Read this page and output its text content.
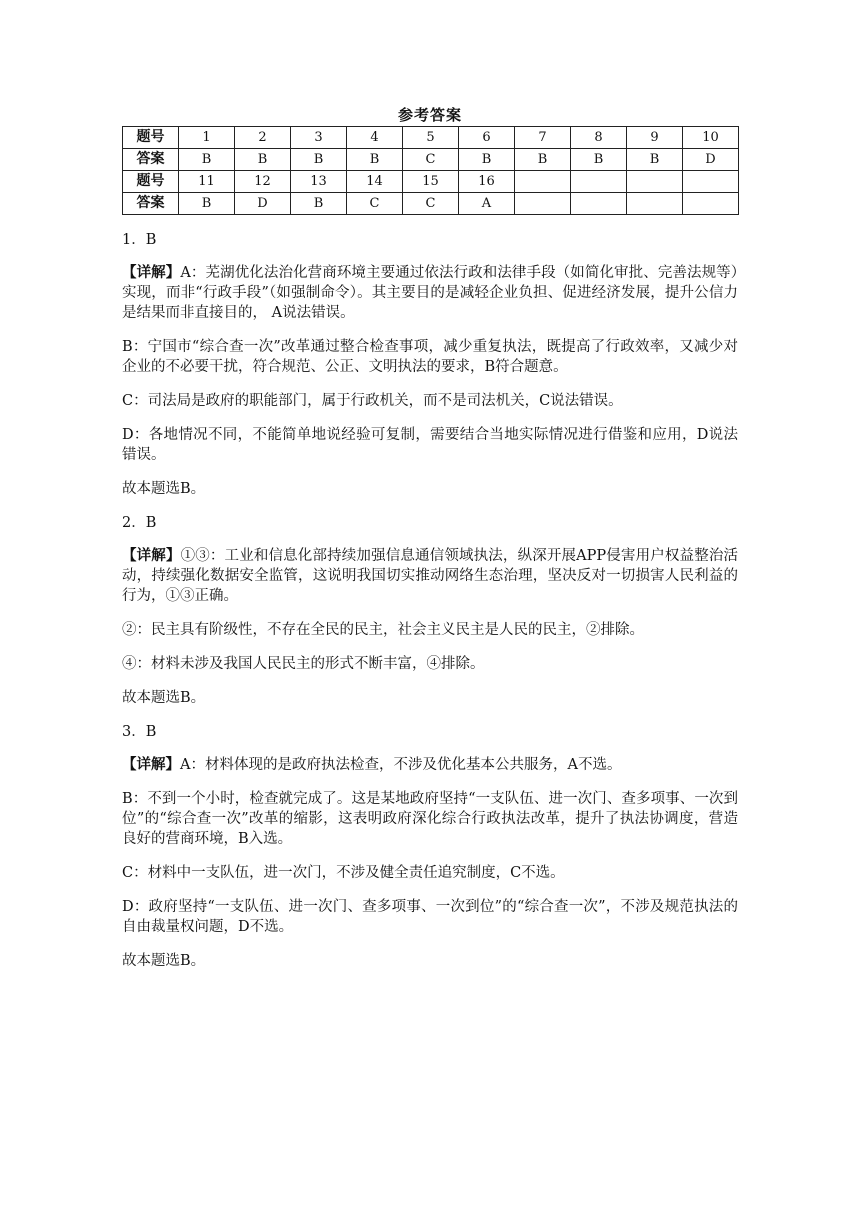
参考答案
题号	1	2	3	4	5	6	7	8	9	10
答案	B	B	B	B	C	B	B	B	B	D
题号	11	12	13	14	15	16				
答案	B	D	B	C	C	A				

1．B

【详解】A：芜湖优化法治化营商环境主要通过依法行政和法律手段（如简化审批、完善法规等）实现，而非“行政手段”（如强制命令）。其主要目的是减轻企业负担、促进经济发展，提升公信力是结果而非直接目的， A说法错误。

B：宁国市“综合查一次”改革通过整合检查事项，减少重复执法，既提高了行政效率，又减少对企业的不必要干扰，符合规范、公正、文明执法的要求，B符合题意。

C：司法局是政府的职能部门，属于行政机关，而不是司法机关，C说法错误。

D：各地情况不同，不能简单地说经验可复制，需要结合当地实际情况进行借鉴和应用，D说法错误。

故本题选B。

2．B

【详解】①③：工业和信息化部持续加强信息通信领域执法，纵深开展APP侵害用户权益整治活动，持续强化数据安全监管，这说明我国切实推动网络生态治理，坚决反对一切损害人民利益的行为，①③正确。

②：民主具有阶级性，不存在全民的民主，社会主义民主是人民的民主，②排除。

④：材料未涉及我国人民民主的形式不断丰富，④排除。

故本题选B。

3．B

【详解】A：材料体现的是政府执法检查，不涉及优化基本公共服务，A不选。

B：不到一个小时，检查就完成了。这是某地政府坚持“一支队伍、进一次门、查多项事、一次到位”的“综合查一次”改革的缩影，这表明政府深化综合行政执法改革，提升了执法协调度，营造良好的营商环境，B入选。

C：材料中一支队伍，进一次门，不涉及健全责任追究制度，C不选。

D：政府坚持“一支队伍、进一次门、查多项事、一次到位”的“综合查一次”，不涉及规范执法的自由裁量权问题，D不选。

故本题选B。
